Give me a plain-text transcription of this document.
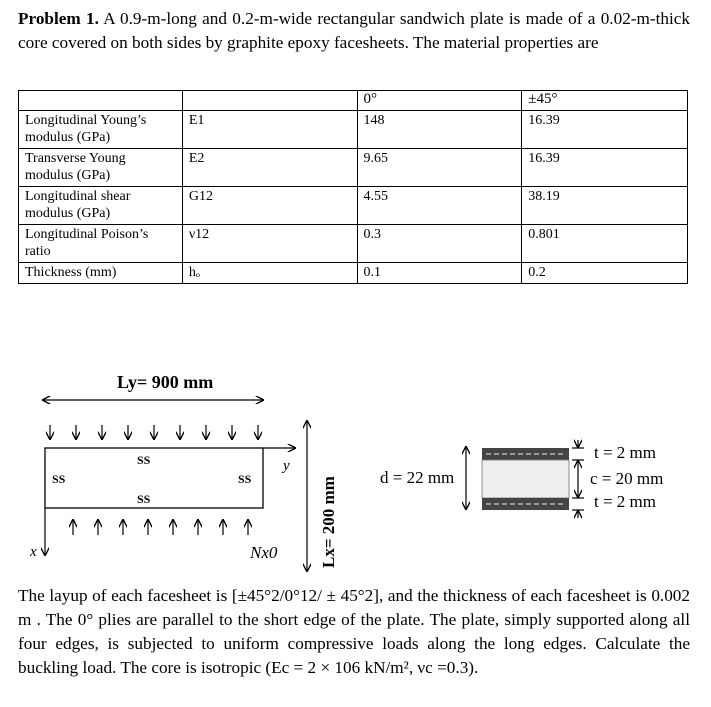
Problem 1. A 0.9-m-long and 0.2-m-wide rectangular sandwich plate is made of a 0.02-m-thick core covered on both sides by graphite epoxy facesheets. The material properties are
		0°	±45°
Longitudinal Young’s modulus (GPa)	E1	148	16.39
Transverse Young modulus (GPa)	E2	9.65	16.39
Longitudinal shear modulus (GPa)	G12	4.55	38.19
Longitudinal Poison’s ratio	ν12	0.3	0.801
Thickness (mm)	hₒ	0.1	0.2
Ly= 900 mm
SS
SS	SS
SS
y
x	Nx0 Lx= 200 mm d = 22 mm
t = 2 mm
c = 20 mm
t = 2 mm
The layup of each facesheet is [±45°2/0°12/ ± 45°2], and the thickness of each facesheet is 0.002 m . The 0° plies are parallel to the short edge of the plate. The plate, simply supported along all four edges, is subjected to uniform compressive loads along the long edges. Calculate the buckling load. The core is isotropic (Ec = 2 × 106 kN/m², νc =0.3).
